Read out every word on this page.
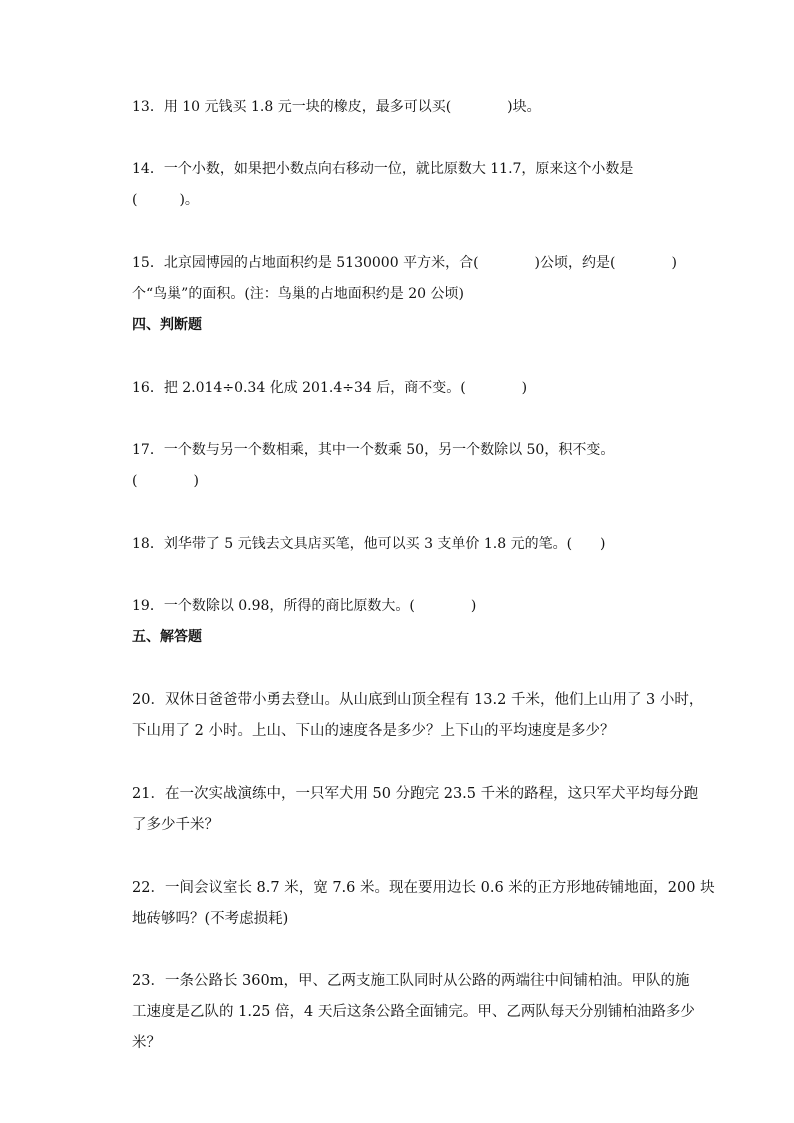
13．用 10 元钱买 1.8 元一块的橡皮，最多可以买(　　　　)块。
14．一个小数，如果把小数点向右移动一位，就比原数大 11.7，原来这个小数是
(　　　)。
15．北京园博园的占地面积约是 5130000 平方米，合(　　　　)公顷，约是(　　　　)
个“鸟巢”的面积。(注：鸟巢的占地面积约是 20 公顷)
四、判断题
16．把 2.014÷0.34 化成 201.4÷34 后，商不变。(　　　　)
17．一个数与另一个数相乘，其中一个数乘 50，另一个数除以 50，积不变。
(　　　　)
18．刘华带了 5 元钱去文具店买笔，他可以买 3 支单价 1.8 元的笔。(　　)
19．一个数除以 0.98，所得的商比原数大。(　　　　)
五、解答题
20．双休日爸爸带小勇去登山。从山底到山顶全程有 13.2 千米，他们上山用了 3 小时，
下山用了 2 小时。上山、下山的速度各是多少？上下山的平均速度是多少？
21．在一次实战演练中，一只军犬用 50 分跑完 23.5 千米的路程，这只军犬平均每分跑
了多少千米？
22．一间会议室长 8.7 米，宽 7.6 米。现在要用边长 0.6 米的正方形地砖铺地面，200 块
地砖够吗？(不考虑损耗)
23．一条公路长 360m，甲、乙两支施工队同时从公路的两端往中间铺柏油。甲队的施
工速度是乙队的 1.25 倍，4 天后这条公路全面铺完。甲、乙两队每天分别铺柏油路多少
米？
